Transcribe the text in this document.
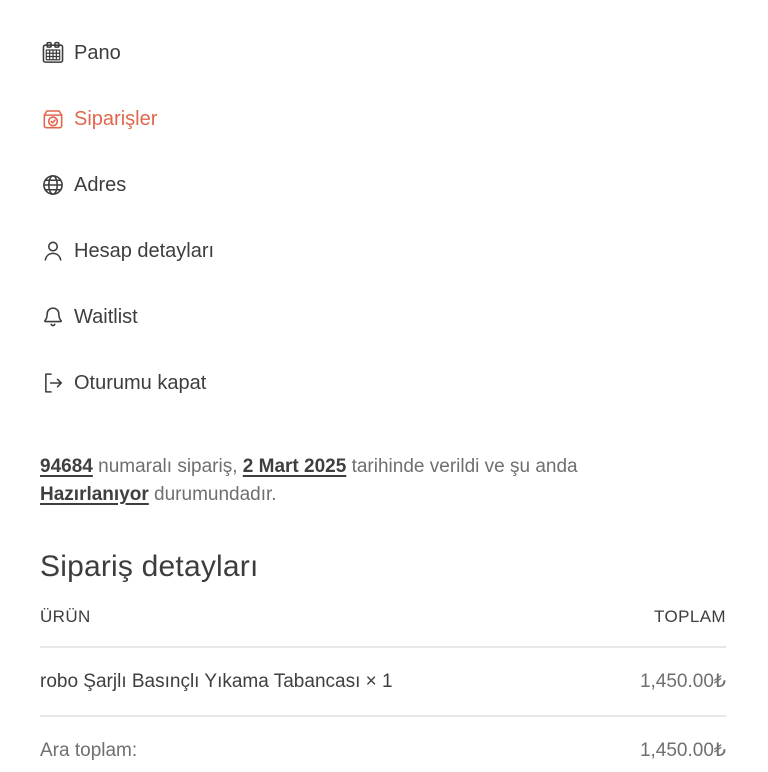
Pano
Siparişler
Adres
Hesap detayları
Waitlist
Oturumu kapat

94684 numaralı sipariş, 2 Mart 2025 tarihinde verildi ve şu anda Hazırlanıyor durumundadır.

Sipariş detayları
ÜRÜN	TOPLAM
robo Şarjlı Basınçlı Yıkama Tabancası × 1	1,450.00₺
Ara toplam:	1,450.00₺
